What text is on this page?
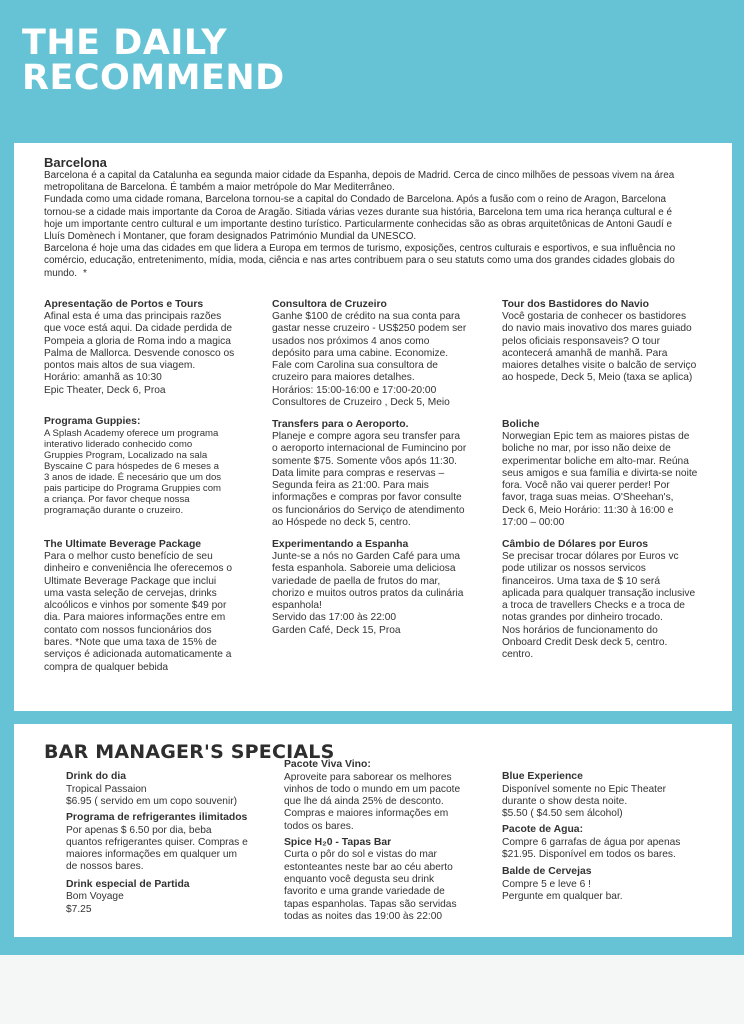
THE DAILY
RECOMMEND
Barcelona

Barcelona é a capital da Catalunha ea segunda maior cidade da Espanha, depois de Madrid. Cerca de cinco milhões de pessoas vivem na área metropolitana de Barcelona. É também a maior metrópole do Mar Mediterrâneo.

Fundada como uma cidade romana, Barcelona tornou-se a capital do Condado de Barcelona. Após a fusão com o reino de Aragon, Barcelona tornou-se a cidade mais importante da Coroa de Aragão. Sitiada várias vezes durante sua história, Barcelona tem uma rica herança cultural e é hoje um importante centro cultural e um importante destino turístico. Particularmente conhecidas são as obras arquitetônicas de Antoni Gaudí e Lluís Domènech i Montaner, que foram designados Património Mundial da UNESCO.

Barcelona é hoje uma das cidades em que lidera a Europa em termos de turismo, exposições, centros culturais e esportivos, e sua influência no comércio, educação, entretenimento, mídia, moda, ciência e nas artes contribuem para o seu statuts como uma dos grandes cidades globais do mundo. *

Apresentação de Portos e Tours
Afinal esta é uma das principais razões
que voce está aqui. Da cidade perdida de
Pompeia a gloria de Roma indo a magica
Palma de Mallorca. Desvende conosco os
pontos mais altos de sua viagem.
Horário: amanhã as 10:30
Epic Theater, Deck 6, Proa
Programa Guppies:
A Splash Academy oferece um programa
interativo liderado conhecido como
Gruppies Program, Localizado na sala
Byscaine C para hóspedes de 6 meses a
3 anos de idade. É necesário que um dos
pais participe do Programa Gruppies com
a criança. Por favor cheque nossa
programação durante o cruzeiro.
The Ultimate Beverage Package
Para o melhor custo benefício de seu
dinheiro e conveniência lhe oferecemos o
Ultimate Beverage Package que inclui
uma vasta seleção de cervejas, drinks
alcoólicos e vinhos por somente $49 por
dia. Para maiores informações entre em
contato com nossos funcionários dos
bares. *Note que uma taxa de 15% de
serviços é adicionada automaticamente a
compra de qualquer bebida
Consultora de Cruzeiro
Ganhe $100 de crédito na sua conta para
gastar nesse cruzeiro - US$250 podem ser
usados nos próximos 4 anos como
depósito para uma cabine. Economize.
Fale com Carolina sua consultora de
cruzeiro para maiores detalhes.
Horários: 15:00-16:00 e 17:00-20:00
Consultores de Cruzeiro , Deck 5, Meio
Transfers para o Aeroporto.
Planeje e compre agora seu transfer para
o aeroporto internacional de Fumincino por
somente $75. Somente vôos após 11:30.
Data limite para compras e reservas –
Segunda feira as 21:00. Para mais
informações e compras por favor consulte
os funcionários do Serviço de atendimento
ao Hóspede no deck 5, centro.
Experimentando a Espanha
Junte-se a nós no Garden Café para uma
festa espanhola. Saboreie uma deliciosa
variedade de paella de frutos do mar,
chorizo e muitos outros pratos da culinária
espanhola!
Servido das 17:00 às 22:00
Garden Café, Deck 15, Proa
Tour dos Bastidores do Navio
Você gostaria de conhecer os bastidores
do navio mais inovativo dos mares guiado
pelos oficiais responsaveis? O tour
acontecerá amanhã de manhã. Para
maiores detalhes visite o balcão de serviço
ao hospede, Deck 5, Meio (taxa se aplica)
Boliche
Norwegian Epic tem as maiores pistas de
boliche no mar, por isso não deixe de
experimentar boliche em alto-mar. Reúna
seus amigos e sua família e divirta-se noite
fora. Você não vai querer perder! Por
favor, traga suas meias. O'Sheehan's,
Deck 6, Meio Horário: 11:30 à 16:00 e
17:00 – 00:00
Câmbio de Dólares por Euros
Se precisar trocar dólares por Euros vc
pode utilizar os nossos servicos
financeiros. Uma taxa de $ 10 será
aplicada para qualquer transação inclusive
a troca de travellers Checks e a troca de
notas grandes por dinheiro trocado.
Nos horários de funcionamento do
Onboard Credit Desk deck 5, centro.
centro.
BAR MANAGER'S SPECIALS
Drink do dia
Tropical Passaion
$6.95 ( servido em um copo souvenir)
Programa de refrigerantes ilimitados
Por apenas $ 6.50 por dia, beba
quantos refrigerantes quiser. Compras e
maiores informações em qualquer um
de nossos bares.
Drink especial de Partida
Bom Voyage
$7.25
Pacote Viva Vino:
Aproveite para saborear os melhores
vinhos de todo o mundo em um pacote
que lhe dá ainda 25% de desconto.
Compras e maiores informações em
todos os bares.
Spice H₂0 - Tapas Bar
Curta o pôr do sol e vistas do mar
estonteantes neste bar ao céu aberto
enquanto você degusta seu drink
favorito e uma grande variedade de
tapas espanholas. Tapas são servidas
todas as noites das 19:00 às 22:00
Blue Experience
Disponível somente no Epic Theater
durante o show desta noite.
$5.50 ( $4.50 sem álcohol)
Pacote de Agua:
Compre 6 garrafas de água por apenas
$21.95. Disponível em todos os bares.
Balde de Cervejas
Compre 5 e leve 6 !
Pergunte em qualquer bar.
